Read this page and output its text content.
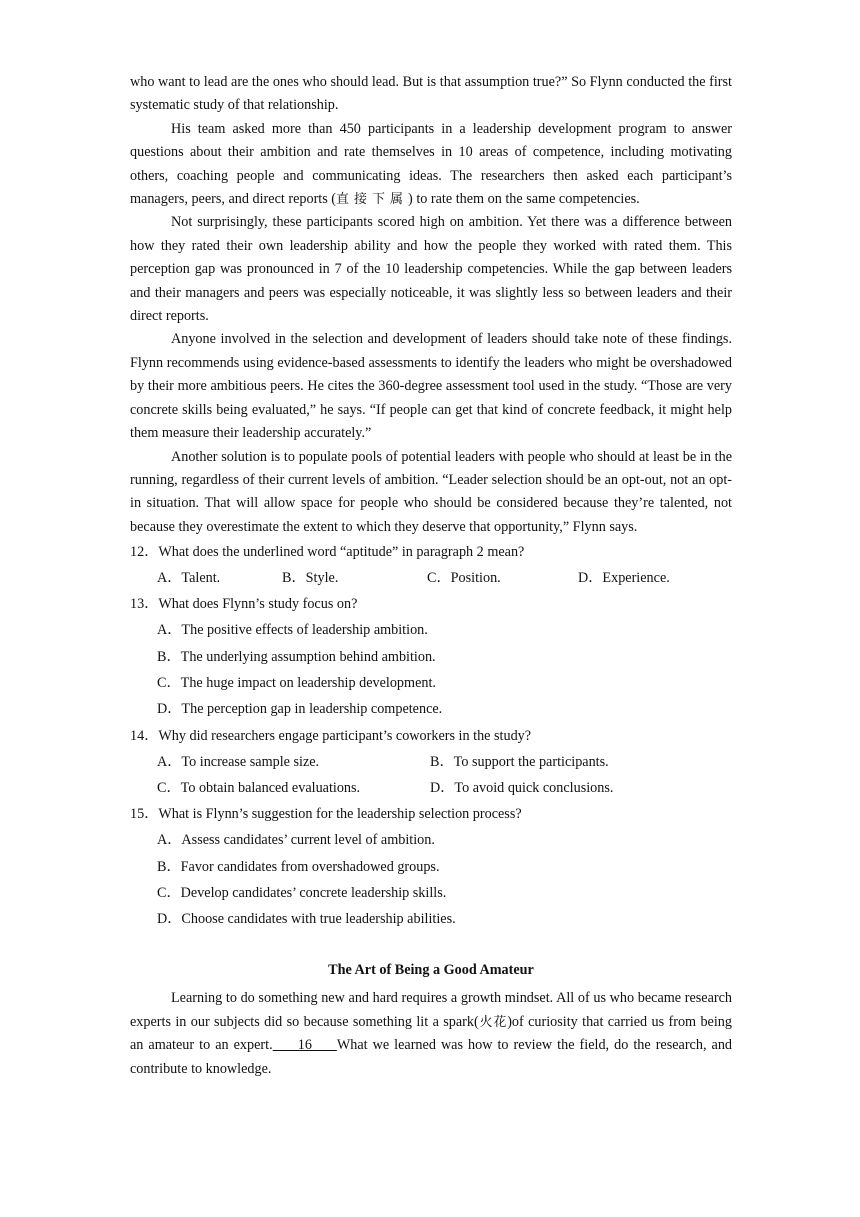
who want to lead are the ones who should lead. But is that assumption true?” So Flynn conducted the first systematic study of that relationship.

His team asked more than 450 participants in a leadership development program to answer questions about their ambition and rate themselves in 10 areas of competence, including motivating others, coaching people and communicating ideas. The researchers then asked each participant’s managers, peers, and direct reports (直接下属) to rate them on the same competencies.

Not surprisingly, these participants scored high on ambition. Yet there was a difference between how they rated their own leadership ability and how the people they worked with rated them. This perception gap was pronounced in 7 of the 10 leadership competencies. While the gap between leaders and their managers and peers was especially noticeable, it was slightly less so between leaders and their direct reports.

Anyone involved in the selection and development of leaders should take note of these findings. Flynn recommends using evidence-based assessments to identify the leaders who might be overshadowed by their more ambitious peers. He cites the 360-degree assessment tool used in the study. “Those are very concrete skills being evaluated,” he says. “If people can get that kind of concrete feedback, it might help them measure their leadership accurately.”

Another solution is to populate pools of potential leaders with people who should at least be in the running, regardless of their current levels of ambition. “Leader selection should be an opt-out, not an opt-in situation. That will allow space for people who should be considered because they’re talented, not because they overestimate the extent to which they deserve that opportunity,” Flynn says.

12．What does the underlined word “aptitude” in paragraph 2 mean?

A．Talent.	B．Style.	C．Position.	D．Experience.

13．What does Flynn’s study focus on?

A．The positive effects of leadership ambition.

B．The underlying assumption behind ambition.

C．The huge impact on leadership development.

D．The perception gap in leadership competence.

14．Why did researchers engage participant’s coworkers in the study?

A．To increase sample size.	B．To support the participants.
C．To obtain balanced evaluations.	D．To avoid quick conclusions.

15．What is Flynn’s suggestion for the leadership selection process?

A．Assess candidates’ current level of ambition.

B．Favor candidates from overshadowed groups.

C．Develop candidates’ concrete leadership skills.

D．Choose candidates with true leadership abilities.

The Art of Being a Good Amateur

Learning to do something new and hard requires a growth mindset. All of us who became research experts in our subjects did so because something lit a spark(火花)of curiosity that carried us from being an amateur to an expert.     16     What we learned was how to review the field, do the research, and contribute to knowledge.
